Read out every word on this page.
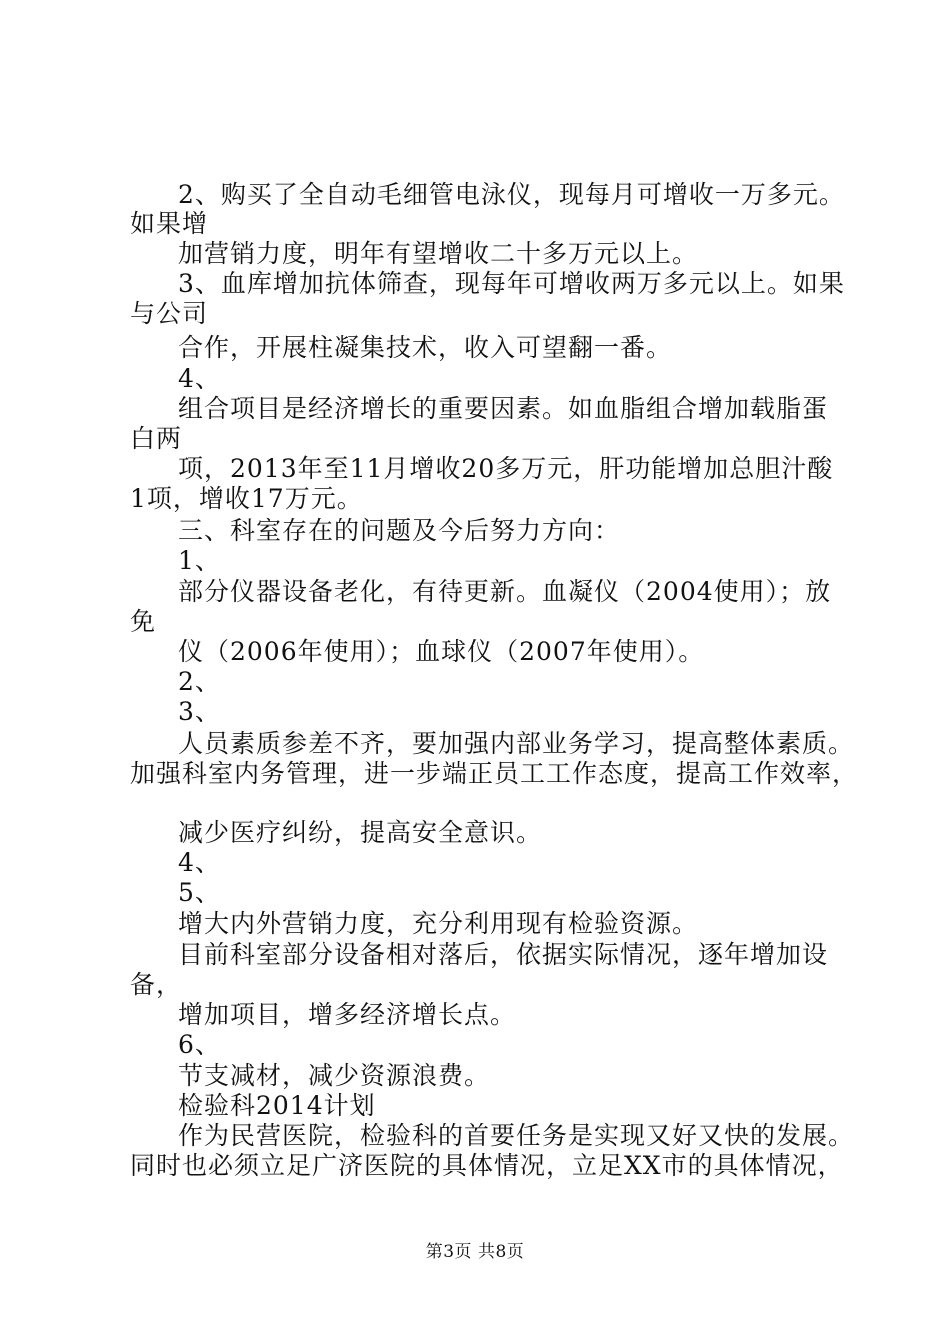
2、购买了全自动毛细管电泳仪，现每月可增收一万多元。
如果增
加营销力度，明年有望增收二十多万元以上。
3、血库增加抗体筛查，现每年可增收两万多元以上。如果
与公司
合作，开展柱凝集技术，收入可望翻一番。
4、
组合项目是经济增长的重要因素。如血脂组合增加载脂蛋
白两
项，2013年至11月增收20多万元，肝功能增加总胆汁酸
1项，增收17万元。
三、科室存在的问题及今后努力方向：
1、
部分仪器设备老化，有待更新。血凝仪（2004使用）；放
免
仪（2006年使用）；血球仪（2007年使用）。
2、
3、
人员素质参差不齐，要加强内部业务学习，提高整体素质。
加强科室内务管理，进一步端正员工工作态度，提高工作效率，
减少医疗纠纷，提高安全意识。
4、
5、
增大内外营销力度，充分利用现有检验资源。
目前科室部分设备相对落后，依据实际情况，逐年增加设
备，
增加项目，增多经济增长点。
6、
节支减材，减少资源浪费。
检验科2014计划
作为民营医院，检验科的首要任务是实现又好又快的发展。
同时也必须立足广济医院的具体情况，立足XX市的具体情况，
第3页 共8页
